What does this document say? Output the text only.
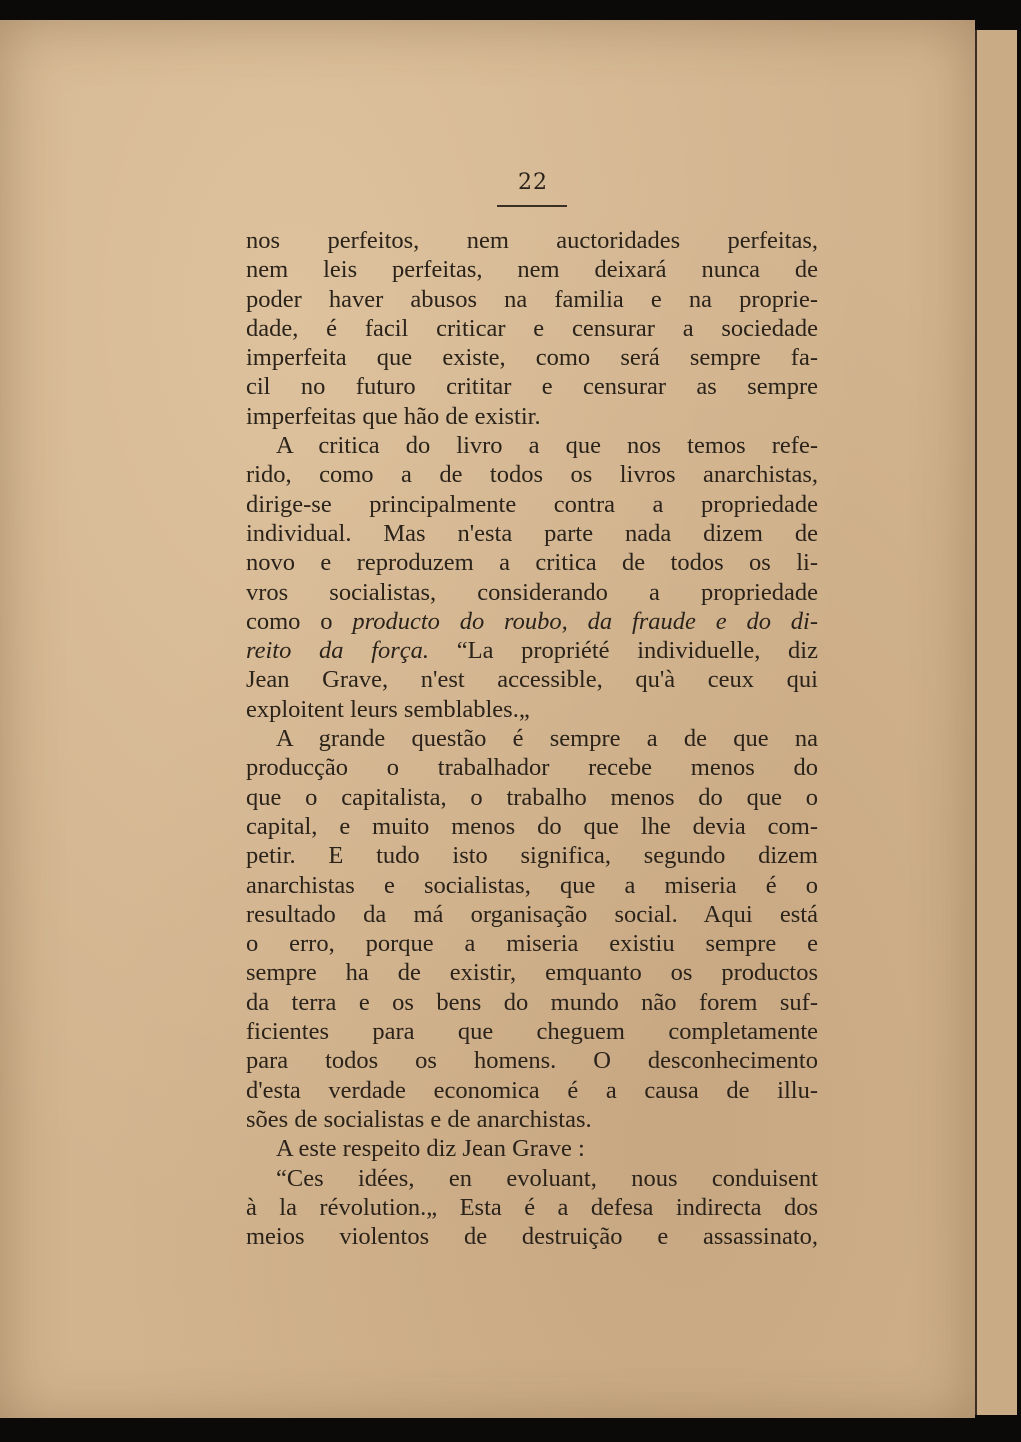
22
nos perfeitos, nem auctoridades perfeitas,
nem leis perfeitas, nem deixará nunca de
poder haver abusos na familia e na proprie-
dade, é facil criticar e censurar a sociedade
imperfeita que existe, como será sempre fa-
cil no futuro crititar e censurar as sempre
imperfeitas que hão de existir.
A critica do livro a que nos temos refe-
rido, como a de todos os livros anarchistas,
dirige-se principalmente contra a propriedade
individual. Mas n'esta parte nada dizem de
novo e reproduzem a critica de todos os li-
vros socialistas, considerando a propriedade
como o producto do roubo, da fraude e do di-
reito da força. “La propriété individuelle, diz
Jean Grave, n'est accessible, qu'à ceux qui
exploitent leurs semblables.„
A grande questão é sempre a de que na
producção o trabalhador recebe menos do
que o capitalista, o trabalho menos do que o
capital, e muito menos do que lhe devia com-
petir. E tudo isto significa, segundo dizem
anarchistas e socialistas, que a miseria é o
resultado da má organisação social. Aqui está
o erro, porque a miseria existiu sempre e
sempre ha de existir, emquanto os productos
da terra e os bens do mundo não forem suf-
ficientes para que cheguem completamente
para todos os homens. O desconhecimento
d'esta verdade economica é a causa de illu-
sões de socialistas e de anarchistas.
A este respeito diz Jean Grave :
“Ces idées, en evoluant, nous conduisent
à la révolution.„ Esta é a defesa indirecta dos
meios violentos de destruição e assassinato,
